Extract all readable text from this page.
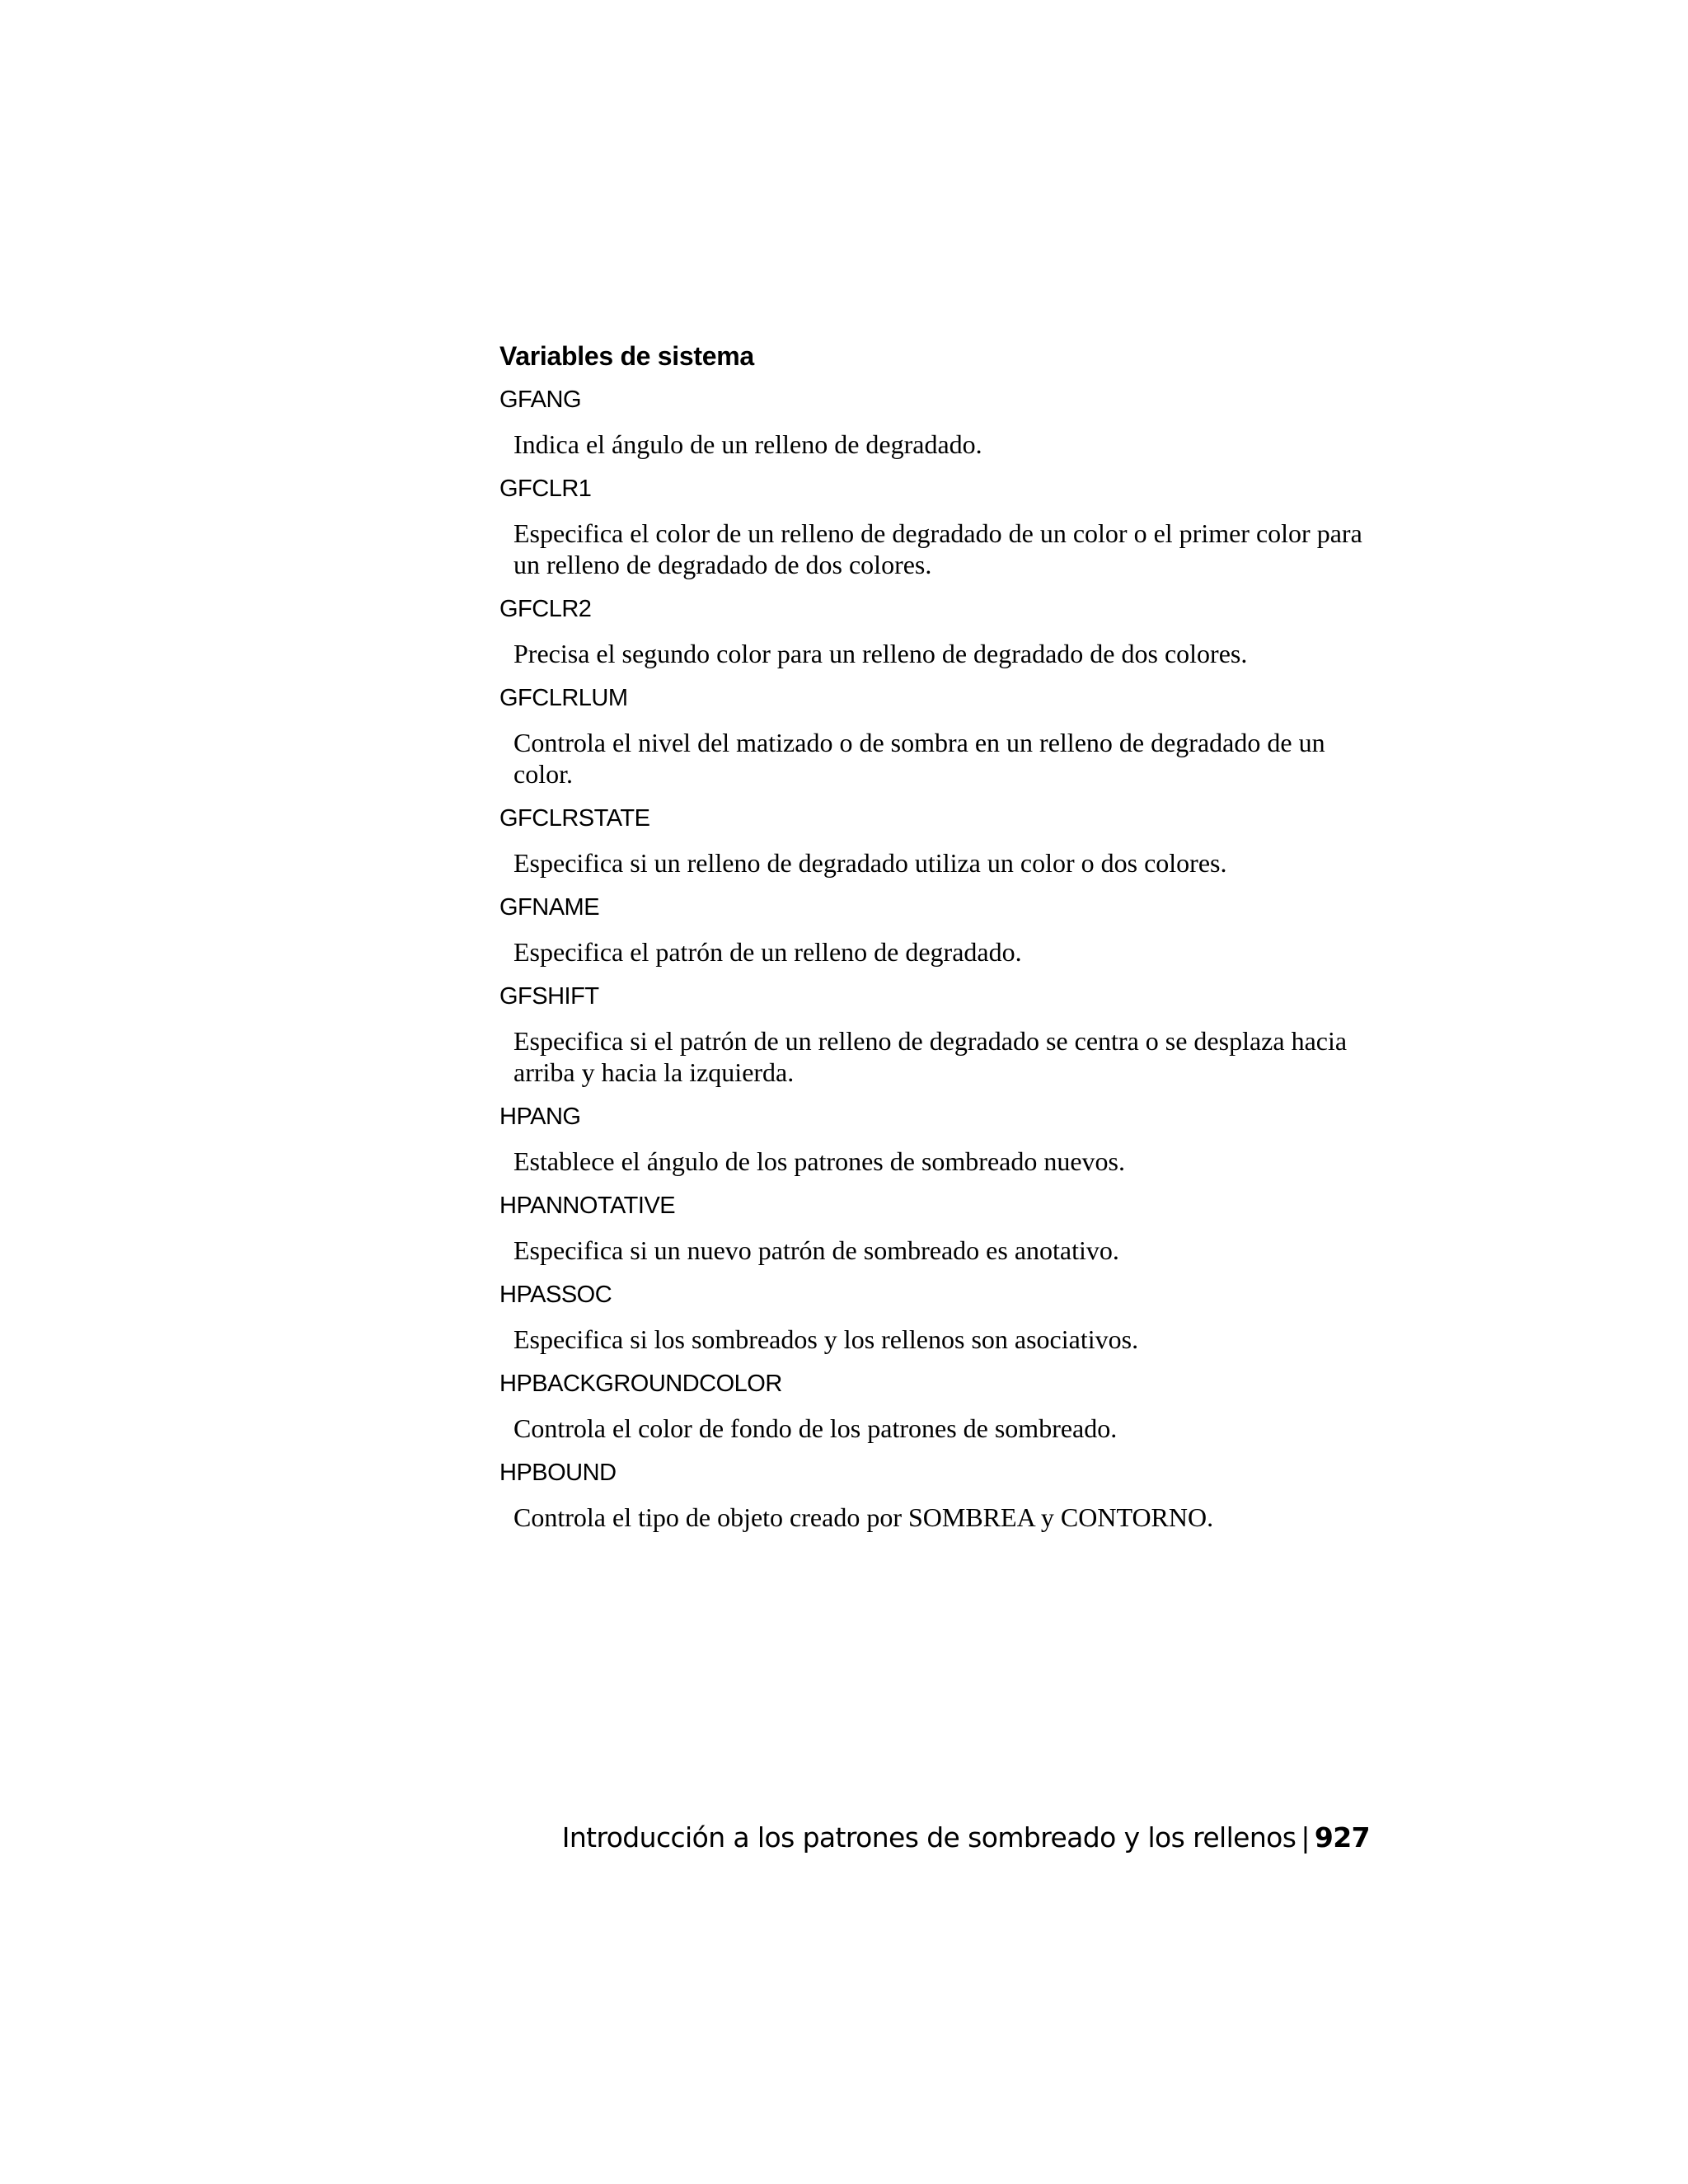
Variables de sistema
GFANG
Indica el ángulo de un relleno de degradado.
GFCLR1
Especifica el color de un relleno de degradado de un color o el primer color para un relleno de degradado de dos colores.
GFCLR2
Precisa el segundo color para un relleno de degradado de dos colores.
GFCLRLUM
Controla el nivel del matizado o de sombra en un relleno de degradado de un color.
GFCLRSTATE
Especifica si un relleno de degradado utiliza un color o dos colores.
GFNAME
Especifica el patrón de un relleno de degradado.
GFSHIFT
Especifica si el patrón de un relleno de degradado se centra o se desplaza hacia arriba y hacia la izquierda.
HPANG
Establece el ángulo de los patrones de sombreado nuevos.
HPANNOTATIVE
Especifica si un nuevo patrón de sombreado es anotativo.
HPASSOC
Especifica si los sombreados y los rellenos son asociativos.
HPBACKGROUNDCOLOR
Controla el color de fondo de los patrones de sombreado.
HPBOUND
Controla el tipo de objeto creado por SOMBREA y CONTORNO.
Introducción a los patrones de sombreado y los rellenos | 927
